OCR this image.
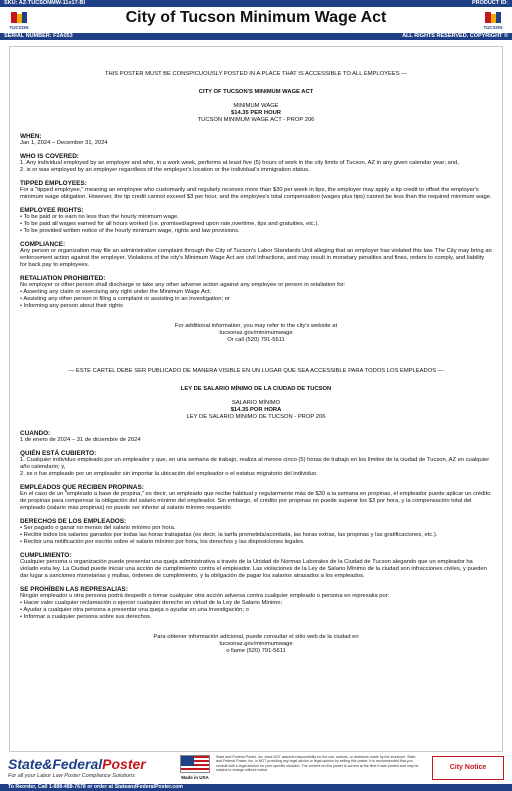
SKU: AZ-TUCSONMW-11x17-BI	PRODUCT ID:
TUCSON
City of Tucson Minimum Wage Act
TUCSON
SERIAL NUMBER: F2A053	ALL RIGHTS RESERVED. COPYRIGHT ©

THIS POSTER MUST BE CONSPICUOUSLY POSTED IN A PLACE THAT IS ACCESSIBLE TO ALL EMPLOYEES —

CITY OF TUCSON'S MINIMUM WAGE ACT

MINIMUM WAGE

$14.35 PER HOUR

TUCSON MINIMUM WAGE ACT - PROP 206

WHEN:

Jan 1, 2024 – December 31, 2024

WHO IS COVERED:

1. Any individual employed by an employer and who, in a work week, performs at least five (5) hours of work in the city limits of Tucson, AZ in any given calendar year; and,

2. is or was employed by an employer regardless of the employer's location or the individual's immigration status.

TIPPED EMPLOYEES:

For a "tipped employee," meaning an employee who customarily and regularly receives more than $30 per week in tips, the employer may apply a tip credit to offset the employer's minimum wage obligation. However, the tip credit cannot exceed $3 per hour, and the employee's total compensation (wages plus tips) cannot be less than the required minimum wage.

EMPLOYEE RIGHTS:

• To be paid or to earn no less than the hourly minimum wage.

• To be paid all wages earned for all hours worked (i.e. promised/agreed upon rate,overtime, tips and gratuities, etc.).

• To be provided written notice of the hourly minimum wage, rights and law provisions.

COMPLIANCE:

Any person or organization may file an administrative complaint through the City of Tucson's Labor Standards Unit alleging that an employer has violated this law. The City may bring an enforcement action against the employer. Violations of the city's Minimum Wage Act are civil infractions, and may result in monetary penalties and fines, orders to comply, and liability for back pay to employees.

RETALIATION PROHIBITED:

No employer or other person shall discharge or take any other adverse action against any employee or person in retaliation for:

• Asserting any claim or exercising any right under the Minimum Wage Act;

• Assisting any other person in filing a complaint or assisting in an investigation; or

• Informing any person about their rights

For additional information, you may refer to the city's website at

tucsonaz.gov/minimumwage

Or call (520) 791-5611

— ESTE CARTEL DEBE SER PUBLICADO DE MANERA VISIBLE EN UN LUGAR QUE SEA ACCESSIBLE PARA TODOS LOS EMPLEADOS —

LEY DE SALARIO MÍNIMO DE LA CIUDAD DE TUCSON

SALARIO MÍNIMO

$14.35 POR HORA

LEY DE SALARIO MÍNIMO DE TUCSON - PROP 206

CUANDO:

1 de enero de 2024 – 31 de diciembre de 2024

QUIÉN ESTÁ CUBIERTO:

1. Cualquier individuo empleado por un empleador y que, en una semana de trabajo, realiza al menos cinco (5) horas de trabajo en los límites de la ciudad de Tucson, AZ en cualquier año calendario; y,

2. es o fue empleado por un empleador sin importar la ubicación del empleador o el estatus migratorio del individuo.

EMPLEADOS QUE RECIBEN PROPINAS:

En el caso de un "empleado a base de propina," es decir, un empleado que recibe habitual y regularmente más de $30 a la semana en propinas, el empleador puede aplicar un crédito de propinas para compensar la obligación del salario mínimo del empleador. Sin embargo, el crédito por propinas no puede superar los $3 por hora, y la compensación total del empleado (salario más propinas) no puede ser inferior al salario mínimo requerido

DERECHOS DE LOS EMPLEADOS:

• Ser pagado o ganar no menos del salario mínimo por hora.

• Recibir todos los salarios ganados por todas las horas trabajadas (es decir, la tarifa prometida/acordada, las horas extras, las propinas y las gratificaciones, etc.).

• Recibir una notificación por escrito sobre el salario mínimo por hora, los derechos y las disposiciones legales.

CUMPLIMIENTO:

Cualquier persona u organización puede presentar una queja administrativa a través de la Unidad de Normas Laborales de la Ciudad de Tucson alegando que un empleador ha violado esta ley. La Ciudad puede iniciar una acción de cumplimiento contra el empleador. Las violaciones de la Ley de Salario Mínimo de la ciudad son infracciones civiles, y pueden dar lugar a sanciones monetarias y multas, órdenes de cumplimiento, y la obligación de pagar los salarios atrasados a los empleados.

SE PROHÍBEN LAS REPRESALIAS:

Ningún empleador u otra persona podrá despedir o tomar cualquier otra acción adversa contra cualquier empleado o persona en represalia por:

• Hacer valer cualquier reclamación o ejercer cualquier derecho en virtud de la Ley de Salario Mínimo;

• Ayudar a cualquier otra persona a presentar una queja o ayudar en una investigación; o

• Informar a cualquier persona sobre sus derechos.

Para obtener información adicional, puede consultar el sitio web de la ciudad en

tucsonaz.gov/minimumwage

o llame (520) 791-5611

State&FederalPoster
For all your Labor Law Poster Compliance Solutions	Made in USA
State and Federal Poster, Inc. does NOT assume responsibility for the use, actions, or decisions made by the employer. State and Federal Poster, Inc. is NOT providing any legal advice or legal opinion by selling this poster. It is recommended that you consult with a legal advisor for your specific situation. The content on this poster is current at the time it was printed and may be subject to change without notice.	City Notice
To Reorder, Call 1-888-488-7678 or order at StateandFederalPoster.com
